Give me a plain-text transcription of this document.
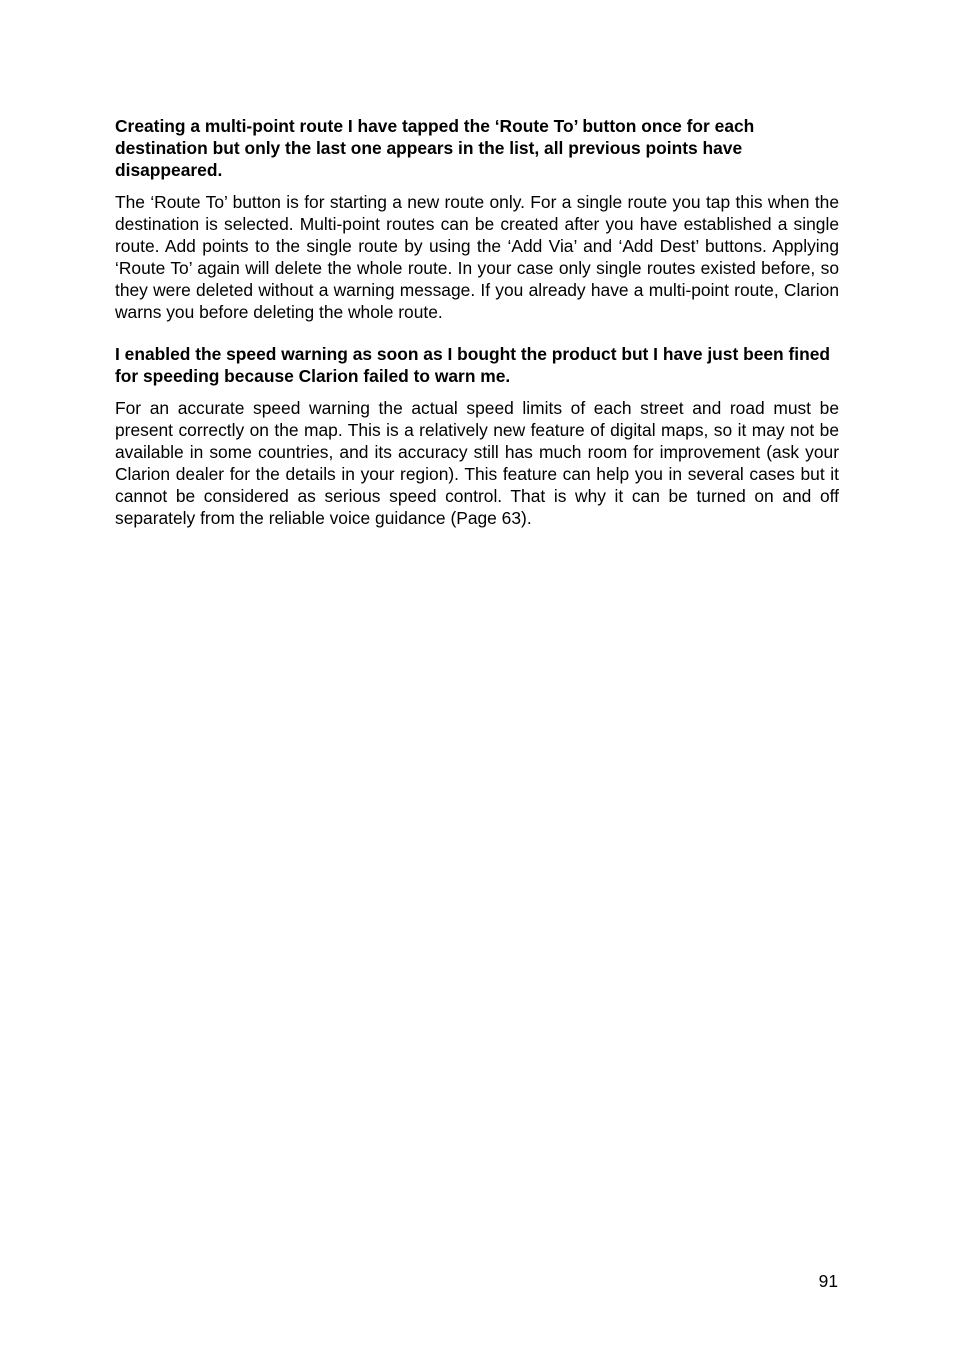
Creating a multi-point route I have tapped the ‘Route To’ button once for each destination but only the last one appears in the list, all previous points have disappeared.

The ‘Route To’ button is for starting a new route only. For a single route you tap this when the destination is selected. Multi-point routes can be created after you have established a single route. Add points to the single route by using the ‘Add Via’ and ‘Add Dest’ buttons. Applying ‘Route To’ again will delete the whole route. In your case only single routes existed before, so they were deleted without a warning message. If you already have a multi-point route, Clarion warns you before deleting the whole route.

I enabled the speed warning as soon as I bought the product but I have just been fined for speeding because Clarion failed to warn me.

For an accurate speed warning the actual speed limits of each street and road must be present correctly on the map. This is a relatively new feature of digital maps, so it may not be available in some countries, and its accuracy still has much room for improvement (ask your Clarion dealer for the details in your region). This feature can help you in several cases but it cannot be considered as serious speed control. That is why it can be turned on and off separately from the reliable voice guidance (Page 63).

91
